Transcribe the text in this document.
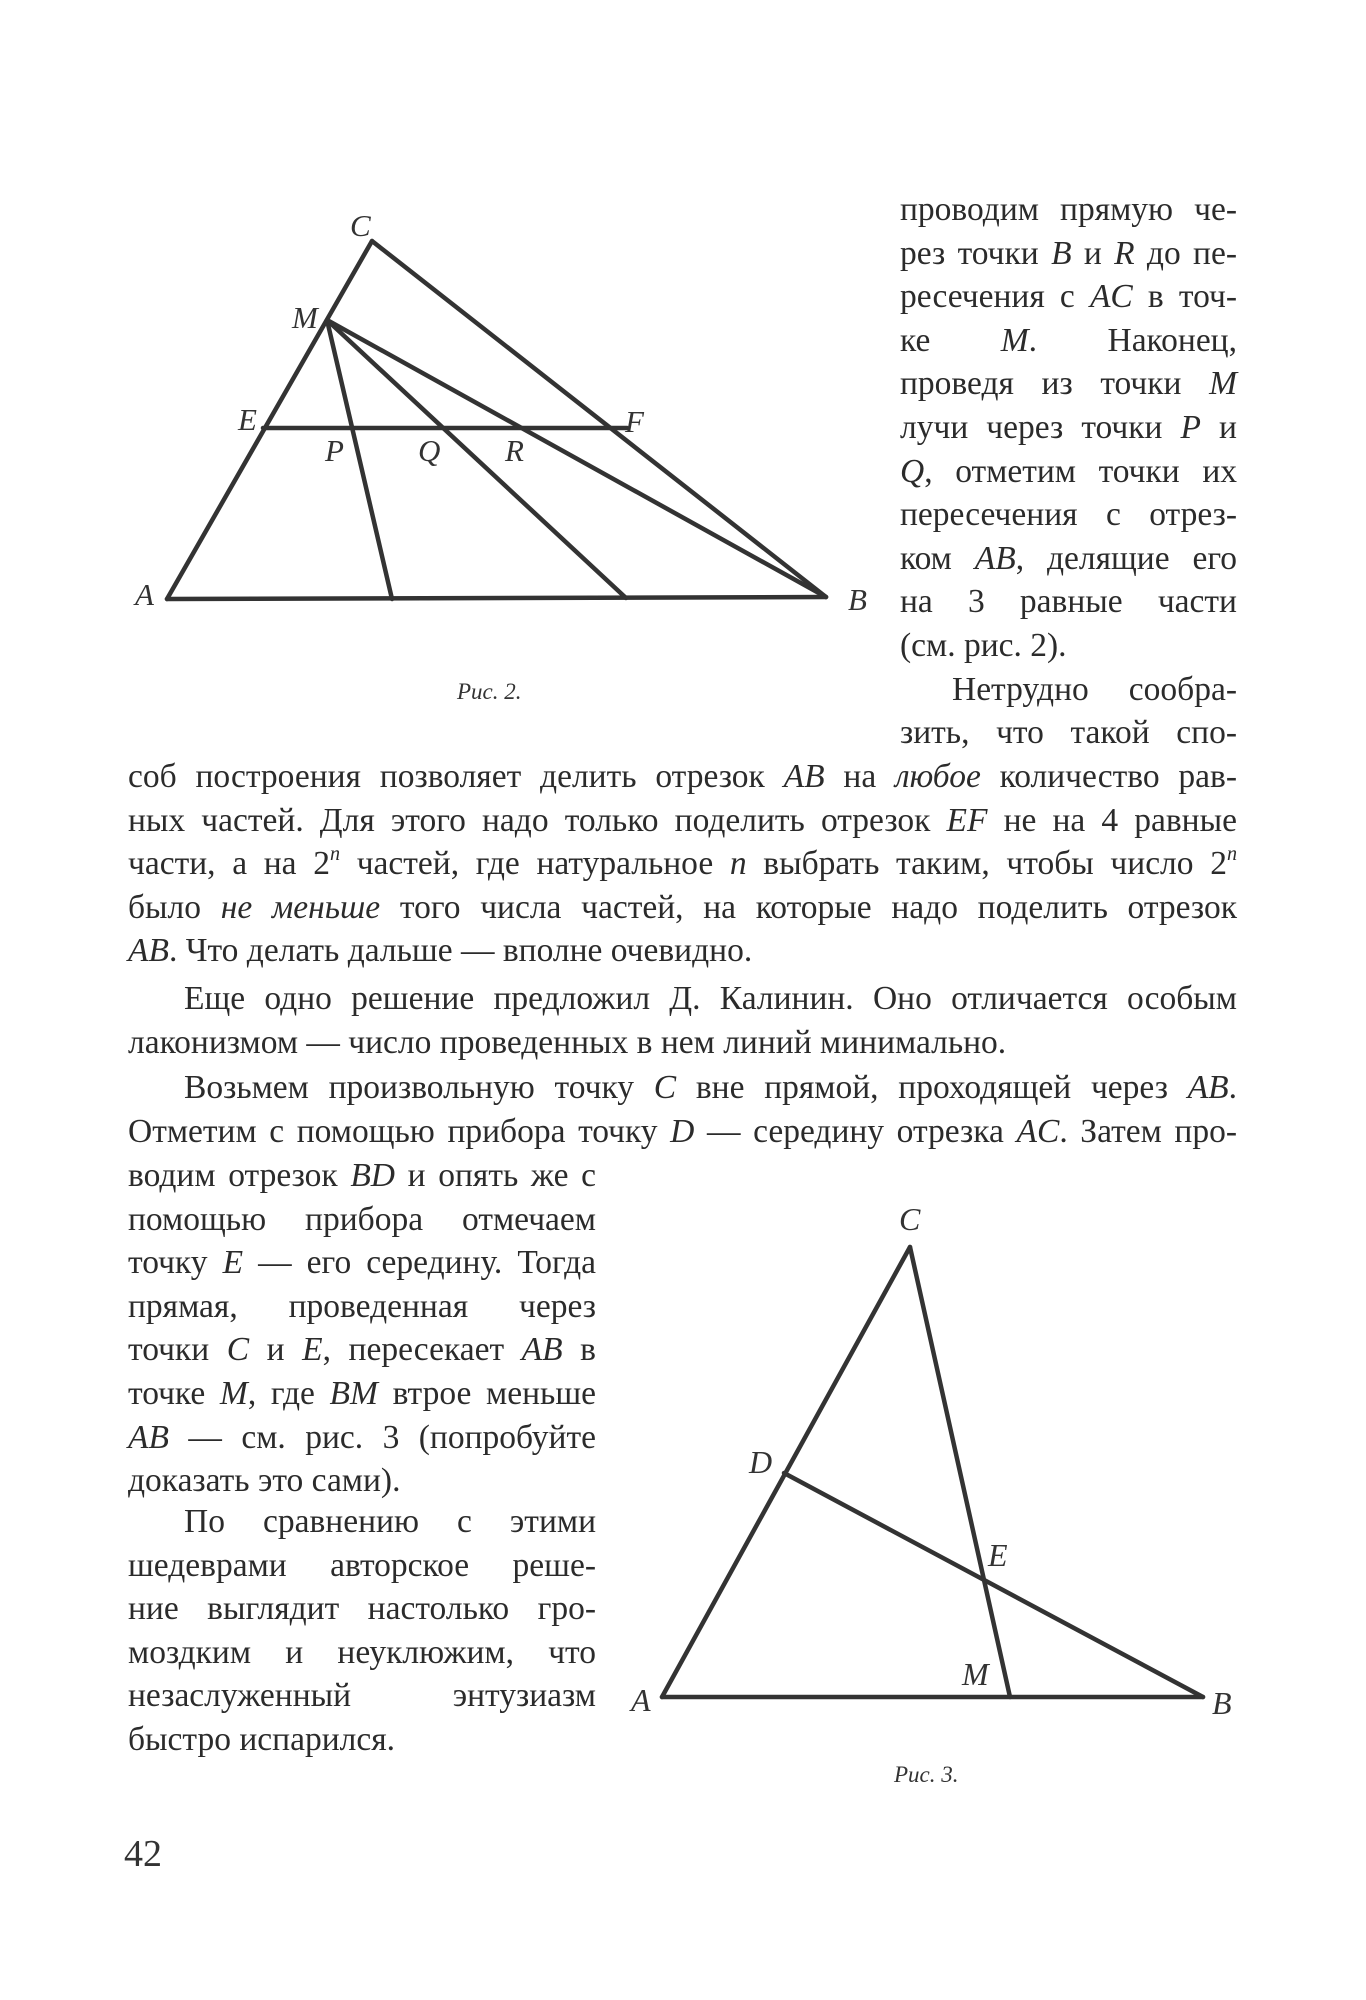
C
M
E	F
P Q R
A	B
Рис. 2.
проводим прямую че-
рез точки B и R до пе-
ресечения с AC в точ-
ке   M.   Наконец,
проведя из точки M
лучи через точки P и
Q, отметим точки их
пересечения с отрез-
ком AB, делящие его
на 3 равные части
(см. рис. 2).
Нетрудно сообра-
зить, что такой спо-
соб построения позволяет делить отрезок AB на любое количество рав-
ных частей. Для этого надо только поделить отрезок EF не на 4 равные
части, а на 2$^n$ частей, где натуральное n выбрать таким, чтобы число 2$^n$
было не меньше того числа частей, на которые надо поделить отрезок
AB. Что делать дальше — вполне очевидно.
Еще одно решение предложил Д. Калинин. Оно отличается особым
лаконизмом — число проведенных в нем линий минимально.
Возьмем произвольную точку C вне прямой, проходящей через AB.
Отметим с помощью прибора точку D — середину отрезка AC. Затем про-
водим отрезок BD и опять же с
помощью прибора отмечаем
точку E — его середину. Тогда
прямая, проведенная через
точки C и E, пересекает AB в
точке M, где BM втрое меньше
AB — см. рис. 3 (попробуйте
доказать это сами).
По сравнению с этими
шедеврами авторское реше-
ние выглядит настолько гро-
моздким и неуклюжим, что
незаслуженный энтузиазм
быстро испарился.
C
D
E
M
A	B
Рис. 3.
42
